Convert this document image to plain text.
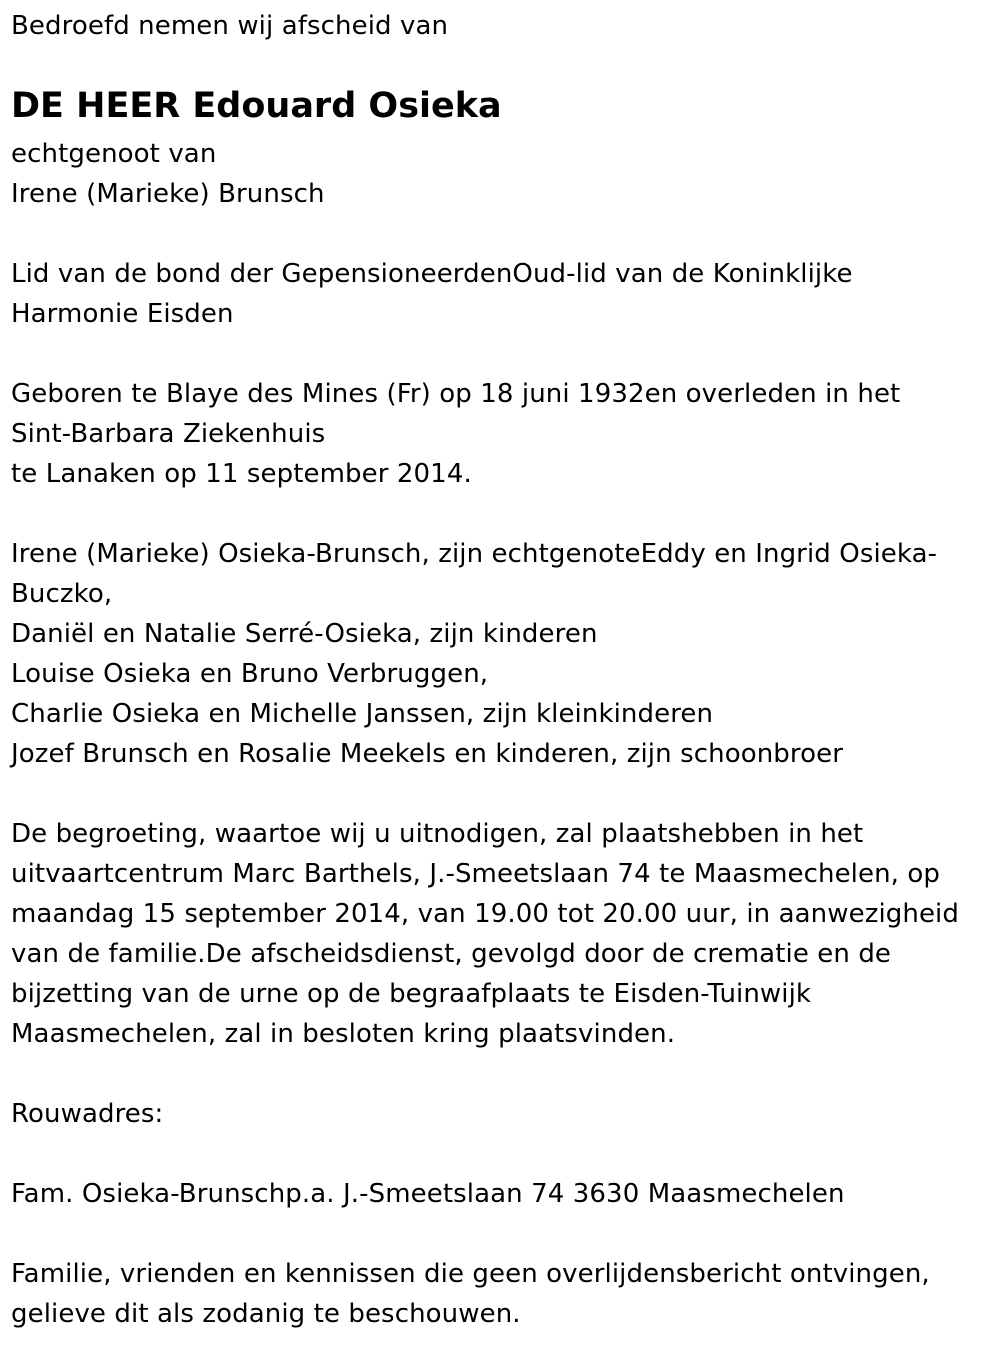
Bedroefd nemen wij afscheid van
DE HEER Edouard Osieka
echtgenoot van
Irene (Marieke) Brunsch
Lid van de bond der GepensioneerdenOud-lid van de Koninklijke
Harmonie Eisden
Geboren te Blaye des Mines (Fr) op 18 juni 1932en overleden in het
Sint-Barbara Ziekenhuis
te Lanaken op 11 september 2014.
Irene (Marieke) Osieka-Brunsch, zijn echtgenoteEddy en Ingrid Osieka-
Buczko,
Daniël en Natalie Serré-Osieka, zijn kinderen
Louise Osieka en Bruno Verbruggen,
Charlie Osieka en Michelle Janssen, zijn kleinkinderen
Jozef Brunsch en Rosalie Meekels en kinderen, zijn schoonbroer
De begroeting, waartoe wij u uitnodigen, zal plaatshebben in het
uitvaartcentrum Marc Barthels, J.-Smeetslaan 74 te Maasmechelen, op
maandag 15 september 2014, van 19.00 tot 20.00 uur, in aanwezigheid
van de familie.De afscheidsdienst, gevolgd door de crematie en de
bijzetting van de urne op de begraafplaats te Eisden-Tuinwijk
Maasmechelen, zal in besloten kring plaatsvinden.
Rouwadres:
Fam. Osieka-Brunschp.a. J.-Smeetslaan 74 3630 Maasmechelen
Familie, vrienden en kennissen die geen overlijdensbericht ontvingen,
gelieve dit als zodanig te beschouwen.
